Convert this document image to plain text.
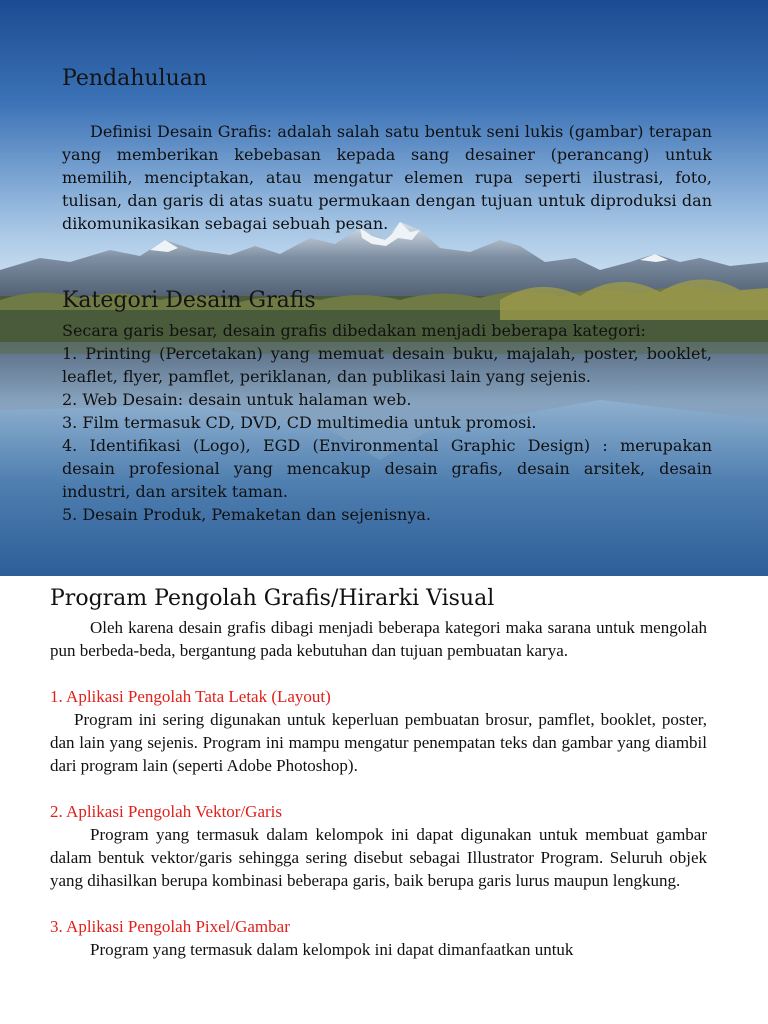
Pendahuluan
Definisi Desain Grafis: adalah salah satu bentuk seni lukis (gambar) terapan yang memberikan kebebasan kepada sang desainer (perancang) untuk memilih, menciptakan, atau mengatur elemen rupa seperti ilustrasi, foto, tulisan, dan garis di atas suatu permukaan dengan tujuan untuk diproduksi dan dikomunikasikan sebagai sebuah pesan.
Kategori Desain Grafis

Secara garis besar, desain grafis dibedakan menjadi beberapa kategori:

1. Printing (Percetakan) yang memuat desain buku, majalah, poster, booklet, leaflet, flyer, pamflet, periklanan, dan publikasi lain yang sejenis.

2. Web Desain: desain untuk halaman web.

3. Film termasuk CD, DVD, CD multimedia untuk promosi.

4. Identifikasi (Logo), EGD (Environmental Graphic Design) : merupakan desain profesional yang mencakup desain grafis, desain arsitek, desain industri, dan arsitek taman.

5. Desain Produk, Pemaketan dan sejenisnya.

Program Pengolah Grafis/Hirarki Visual

Oleh karena desain grafis dibagi menjadi beberapa kategori maka sarana untuk mengolah pun berbeda-beda, bergantung pada kebutuhan dan tujuan pembuatan karya.

1. Aplikasi Pengolah Tata Letak (Layout)

Program ini sering digunakan untuk keperluan pembuatan brosur, pamflet, booklet, poster, dan lain yang sejenis. Program ini mampu mengatur penempatan teks dan gambar yang diambil dari program lain (seperti Adobe Photoshop).

2. Aplikasi Pengolah Vektor/Garis

Program yang termasuk dalam kelompok ini dapat digunakan untuk membuat gambar dalam bentuk vektor/garis sehingga sering disebut sebagai Illustrator Program. Seluruh objek yang dihasilkan berupa kombinasi beberapa garis, baik berupa garis lurus maupun lengkung.

3. Aplikasi Pengolah Pixel/Gambar

Program yang termasuk dalam kelompok ini dapat dimanfaatkan untuk
